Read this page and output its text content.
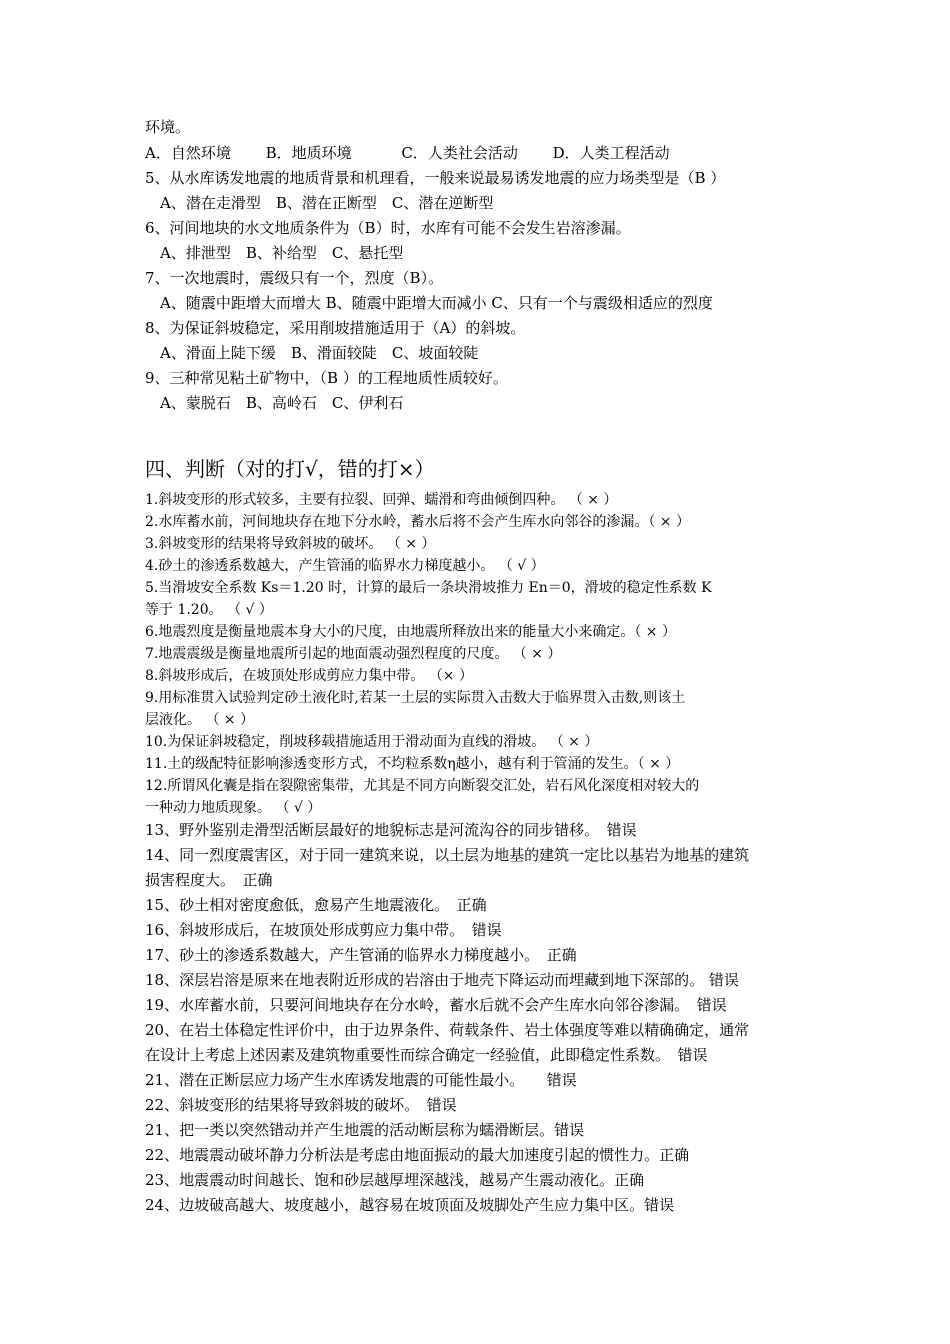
环境。
A．自然环境　　 B．地质环境　　　 C．人类社会活动　　 D．人类工程活动
5、从水库诱发地震的地质背景和机理看，一般来说最易诱发地震的应力场类型是（B ）
　A、潜在走滑型　B、潜在正断型　C、潜在逆断型
6、河间地块的水文地质条件为（B）时，水库有可能不会发生岩溶渗漏。
　A、排泄型　B、补给型　C、悬托型
7、一次地震时，震级只有一个，烈度（B）。
　A、随震中距增大而增大 B、随震中距增大而减小 C、只有一个与震级相适应的烈度
8、为保证斜坡稳定，采用削坡措施适用于（A）的斜坡。
　A、滑面上陡下缓　B、滑面较陡　C、坡面较陡
9、三种常见粘土矿物中，（B ）的工程地质性质较好。
　A、蒙脱石　B、高岭石　C、伊利石
四、判断（对的打√，错的打×）
1.斜坡变形的形式较多，主要有拉裂、回弹、蠕滑和弯曲倾倒四种。 （ × ）
2.水库蓄水前，河间地块存在地下分水岭，蓄水后将不会产生库水向邻谷的渗漏。（ × ）
3.斜坡变形的结果将导致斜坡的破坏。 （ × ）
4.砂土的渗透系数越大，产生管涌的临界水力梯度越小。 （ √ ）
5.当滑坡安全系数 Ks＝1.20 时，计算的最后一条块滑坡推力 En＝0，滑坡的稳定性系数 K
等于 1.20。 （ √ ）
6.地震烈度是衡量地震本身大小的尺度，由地震所释放出来的能量大小来确定。（ × ）
7.地震震级是衡量地震所引起的地面震动强烈程度的尺度。 （ × ）
8.斜坡形成后，在坡顶处形成剪应力集中带。 （× ）
9.用标准贯入试验判定砂土液化时,若某一土层的实际贯入击数大于临界贯入击数,则该土
层液化。 （ × ）
10.为保证斜坡稳定，削坡移载措施适用于滑动面为直线的滑坡。 （ × ）
11.土的级配特征影响渗透变形方式，不均粒系数η越小，越有利于管涌的发生。（ × ）
12.所谓风化囊是指在裂隙密集带，尤其是不同方向断裂交汇处，岩石风化深度相对较大的
一种动力地质现象。 （ √ ）
13、野外鉴别走滑型活断层最好的地貌标志是河流沟谷的同步错移。　错误
14、同一烈度震害区，对于同一建筑来说，以土层为地基的建筑一定比以基岩为地基的建筑
损害程度大。　正确
15、砂土相对密度愈低，愈易产生地震液化。　正确
16、斜坡形成后，在坡顶处形成剪应力集中带。　错误
17、砂土的渗透系数越大，产生管涌的临界水力梯度越小。　正确
18、深层岩溶是原来在地表附近形成的岩溶由于地壳下降运动而埋藏到地下深部的。 错误
19、水库蓄水前，只要河间地块存在分水岭，蓄水后就不会产生库水向邻谷渗漏。　错误
20、在岩土体稳定性评价中，由于边界条件、荷载条件、岩土体强度等难以精确确定，通常
在设计上考虑上述因素及建筑物重要性而综合确定一经验值，此即稳定性系数。　错误
21、潜在正断层应力场产生水库诱发地震的可能性最小。　　错误
22、斜坡变形的结果将导致斜坡的破坏。　错误
21、把一类以突然错动并产生地震的活动断层称为蠕滑断层。错误
22、地震震动破坏静力分析法是考虑由地面振动的最大加速度引起的惯性力。正确
23、地震震动时间越长、饱和砂层越厚埋深越浅，越易产生震动液化。正确
24、边坡破高越大、坡度越小，越容易在坡顶面及坡脚处产生应力集中区。错误
